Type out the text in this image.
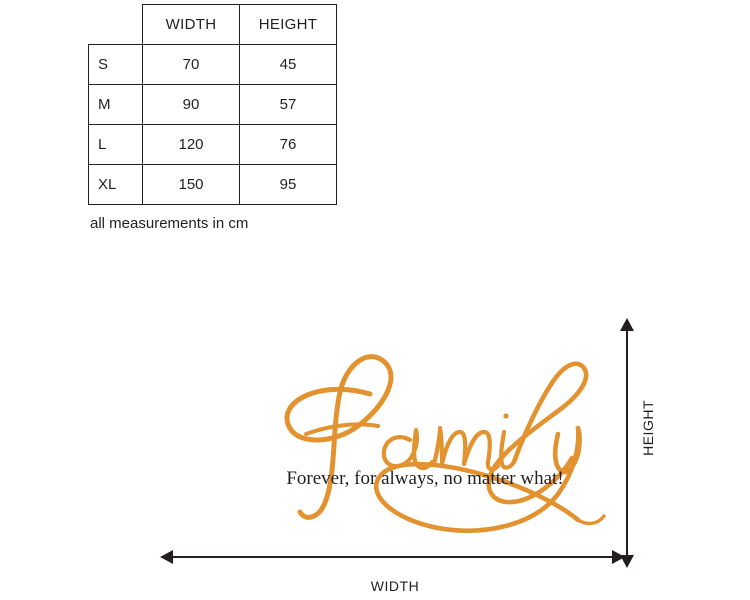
	WIDTH	HEIGHT
S	70	45
M	90	57
L	120	76
XL	150	95
all measurements in cm
Forever, for always, no matter what!
HEIGHT
WIDTH
